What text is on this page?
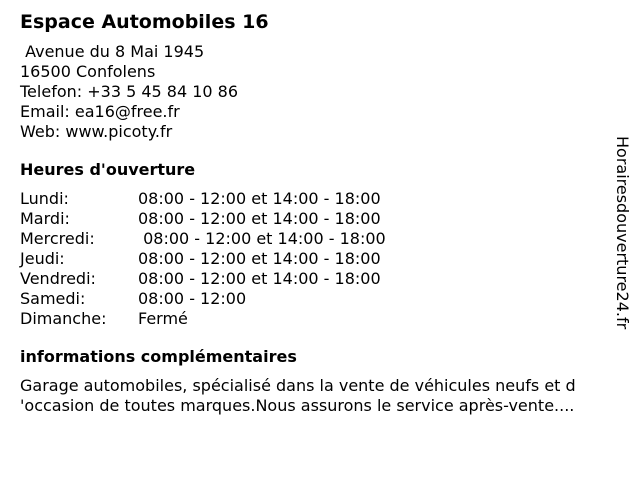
Espace Automobiles 16
Avenue du 8 Mai 1945
16500 Confolens
Telefon: +33 5 45 84 10 86
Email: ea16@free.fr
Web: www.picoty.fr
Heures d'ouverture
Lundi:	08:00 - 12:00 et 14:00 - 18:00
Mardi:	08:00 - 12:00 et 14:00 - 18:00
Mercredi:	08:00 - 12:00 et 14:00 - 18:00
Jeudi:	08:00 - 12:00 et 14:00 - 18:00
Vendredi:	08:00 - 12:00 et 14:00 - 18:00
Samedi:	08:00 - 12:00
Dimanche:	Fermé
informations complémentaires
Garage automobiles, spécialisé dans la vente de véhicules neufs et d
'occasion de toutes marques.Nous assurons le service après-vente....
Horairesdouverture24.fr
